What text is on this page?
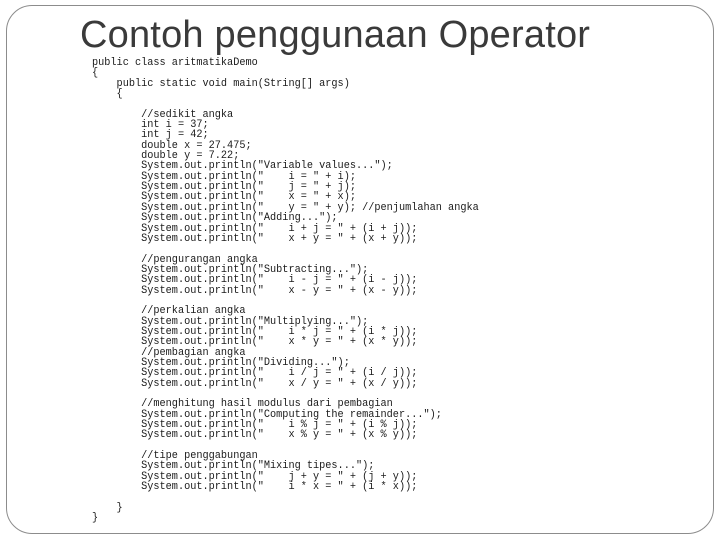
Contoh penggunaan Operator
public class aritmatikaDemo
{
public static void main(String[] args)
{
//sedikit angka
int i = 37;
int j = 42;
double x = 27.475;
double y = 7.22;
System.out.println("Variable values...");
System.out.println("    i = " + i);
System.out.println("    j = " + j);
System.out.println("    x = " + x);
System.out.println("    y = " + y); //penjumlahan angka
System.out.println("Adding...");
System.out.println("    i + j = " + (i + j));
System.out.println("    x + y = " + (x + y));
//pengurangan angka
System.out.println("Subtracting...");
System.out.println("    i - j = " + (i - j));
System.out.println("    x - y = " + (x - y));
//perkalian angka
System.out.println("Multiplying...");
System.out.println("    i * j = " + (i * j));
System.out.println("    x * y = " + (x * y));
//pembagian angka
System.out.println("Dividing...");
System.out.println("    i / j = " + (i / j));
System.out.println("    x / y = " + (x / y));
//menghitung hasil modulus dari pembagian
System.out.println("Computing the remainder...");
System.out.println("    i % j = " + (i % j));
System.out.println("    x % y = " + (x % y));
//tipe penggabungan
System.out.println("Mixing tipes...");
System.out.println("    j + y = " + (j + y));
System.out.println("    i * x = " + (i * x));
}
}
